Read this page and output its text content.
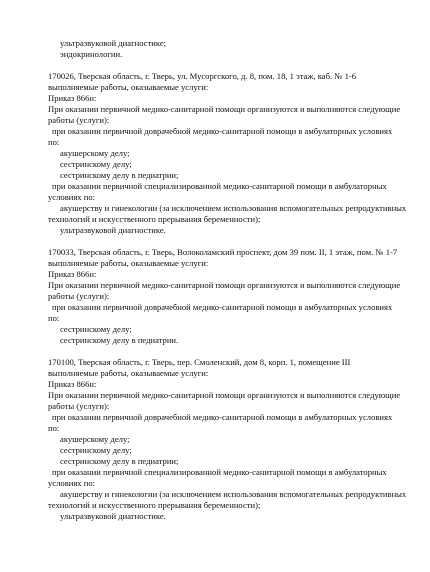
ультразвуковой диагностике;
эндокринологии.
170026, Тверская область, г. Тверь, ул. Мусоргского, д. 8, пом. 18, 1 этаж, каб. № 1-6
выполняемые работы, оказываемые услуги:
Приказ 866н:
При оказании первичной медико-санитарной помощи организуются и выполняются следующие
работы (услуги):
при оказании первичной доврачебной медико-санитарной помощи в амбулаторных условиях
по:
акушерскому делу;
сестринскому делу;
сестринскому делу в педиатрии;
при оказании первичной специализированной медико-санитарной помощи в амбулаторных
условиях по:
акушерству и гинекологии (за исключением использования вспомогательных репродуктивных
технологий и искусственного прерывания беременности);
ультразвуковой диагностике.
170033, Тверская область, г. Тверь, Волоколамский проспект, дом 39 пом. II, 1 этаж, пом. № 1-7
выполняемые работы, оказываемые услуги:
Приказ 866н:
При оказании первичной медико-санитарной помощи организуются и выполняются следующие
работы (услуги):
при оказании первичной доврачебной медико-санитарной помощи в амбулаторных условиях
по:
сестринскому делу;
сестринскому делу в педиатрии.
170100, Тверская область, г. Тверь, пер. Смоленский, дом 8, корп. 1, помещение III
выполняемые работы, оказываемые услуги:
Приказ 866н:
При оказании первичной медико-санитарной помощи организуются и выполняются следующие
работы (услуги):
при оказании первичной доврачебной медико-санитарной помощи в амбулаторных условиях
по:
акушерскому делу;
сестринскому делу;
сестринскому делу в педиатрии;
при оказании первичной специализированной медико-санитарной помощи в амбулаторных
условиях по:
акушерству и гинекологии (за исключением использования вспомогательных репродуктивных
технологий и искусственного прерывания беременности);
ультразвуковой диагностике.
